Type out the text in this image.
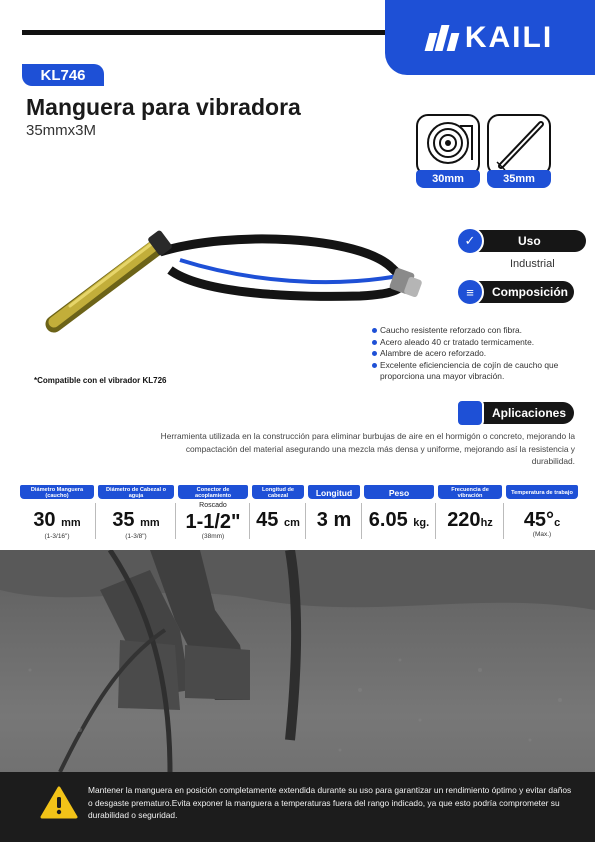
KAILI
KL746
Manguera para vibradora
35mmx3M
30mm	35mm
KAILI
*Compatible con el vibrador KL726
✓	Uso
Industrial
≡	Composición
Caucho resistente reforzado con fibra.
Acero aleado 40 cr tratado termicamente.
Alambre de acero reforzado.
Excelente eficienciencia de cojín de caucho que proporciona una mayor vibración.
Aplicaciones
Herramienta utilizada en la construcción para eliminar burbujas de aire en el hormigón o concreto, mejorando la compactación del material asegurando una mezcla más densa y uniforme, mejorando así la resistencia y durabilidad.
Diámetro Manguera (caucho)
30 mm
(1-3/16")
Diámetro de Cabezal o aguja
35 mm
(1-3/8")
Conector de acoplamiento
Roscado
1-1/2"
(38mm)
Longitud de cabezal
45 cm
Longitud
3 m
Peso
6.05 kg.
Frecuencia de vibración
220hz
Temperatura de trabajo
45°c
(Max.)
Mantener la manguera en posición completamente extendida durante su uso para garantizar un rendimiento óptimo y evitar daños o desgaste prematuro.Evita exponer la manguera a temperaturas fuera del rango indicado, ya que esto podría comprometer su durabilidad o seguridad.
